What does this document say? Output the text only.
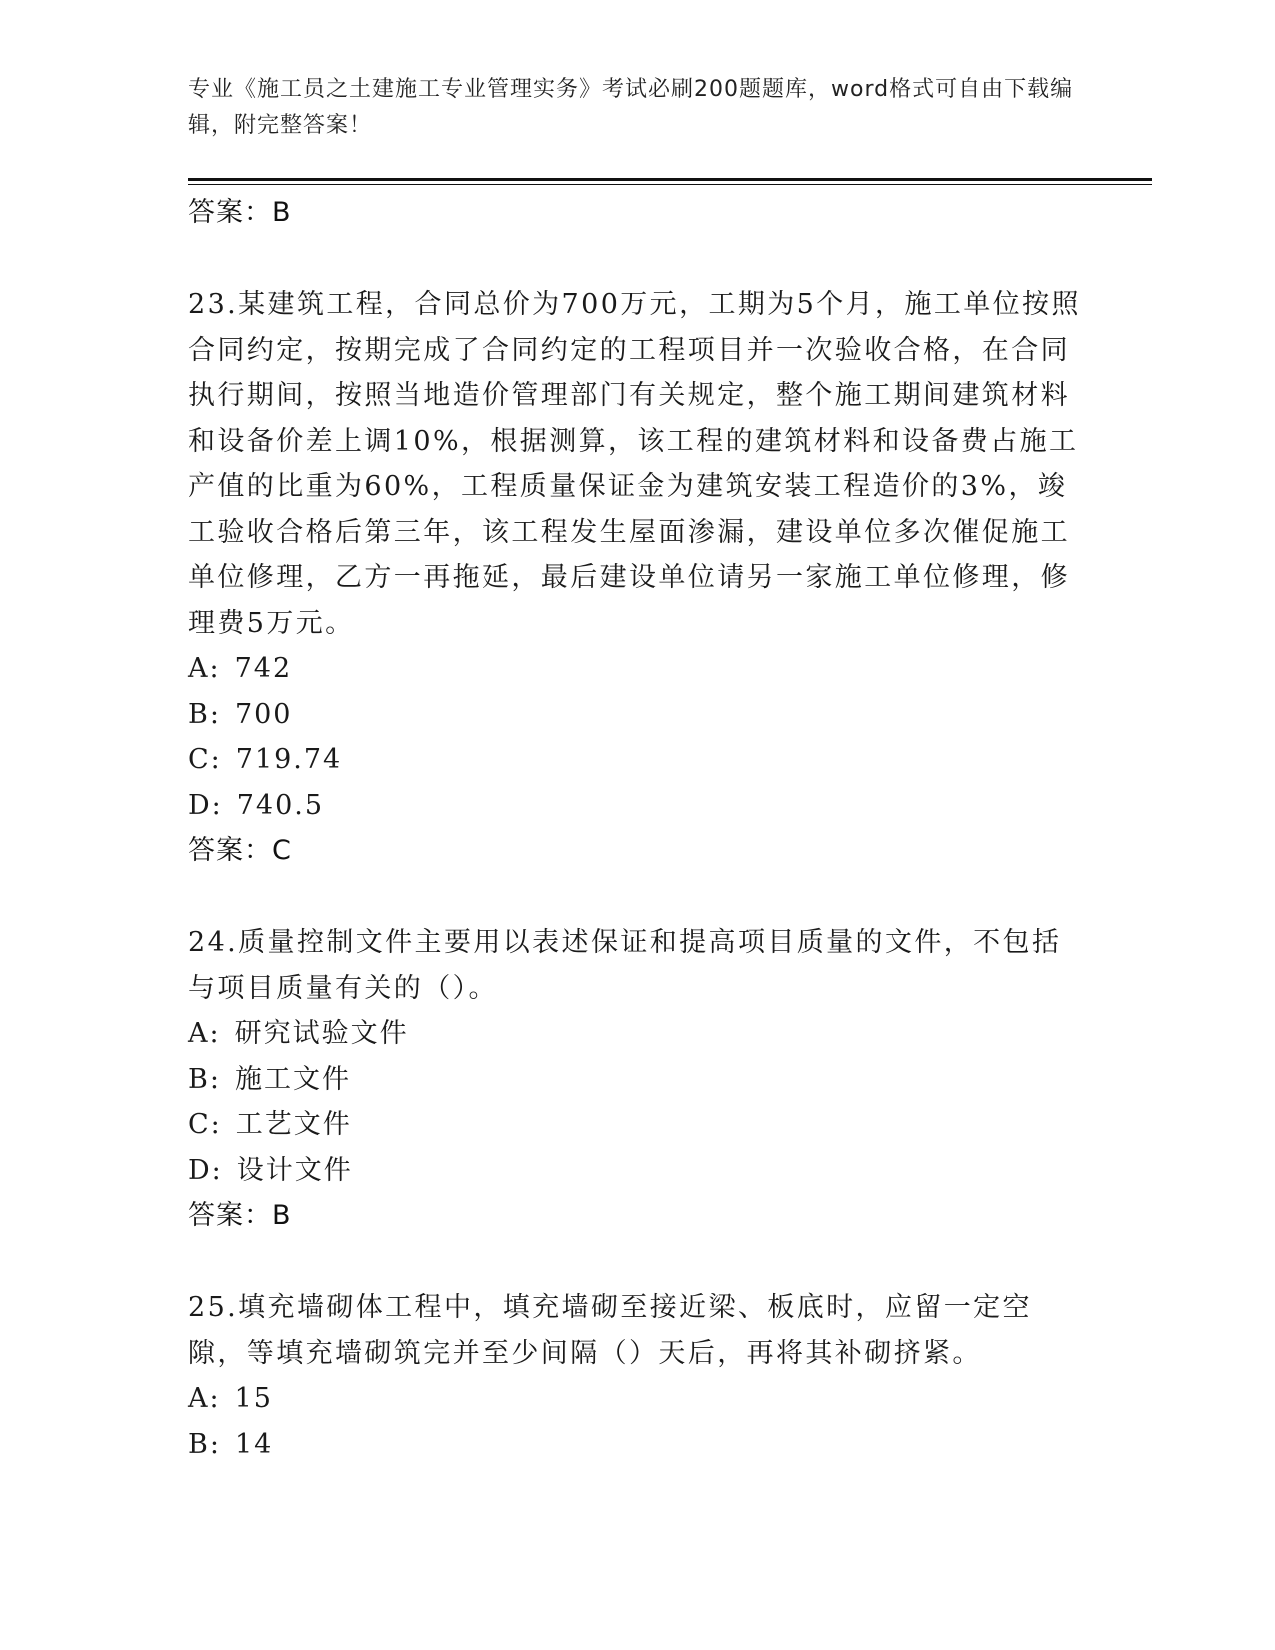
专业《施工员之土建施工专业管理实务》考试必刷200题题库，word格式可自由下载编辑，附完整答案！

答案：B

23.某建筑工程，合同总价为700万元，工期为5个月，施工单位按照合同约定，按期完成了合同约定的工程项目并一次验收合格，在合同执行期间，按照当地造价管理部门有关规定，整个施工期间建筑材料和设备价差上调10%，根据测算，该工程的建筑材料和设备费占施工产值的比重为60%，工程质量保证金为建筑安装工程造价的3%，竣工验收合格后第三年，该工程发生屋面渗漏，建设单位多次催促施工单位修理，乙方一再拖延，最后建设单位请另一家施工单位修理，修理费5万元。

A: 742

B: 700

C: 719.74

D: 740.5

答案：C

24.质量控制文件主要用以表述保证和提高项目质量的文件，不包括与项目质量有关的（）。

A: 研究试验文件

B: 施工文件

C: 工艺文件

D: 设计文件

答案：B

25.填充墙砌体工程中，填充墙砌至接近梁、板底时，应留一定空隙，等填充墙砌筑完并至少间隔（）天后，再将其补砌挤紧。

A: 15

B: 14
